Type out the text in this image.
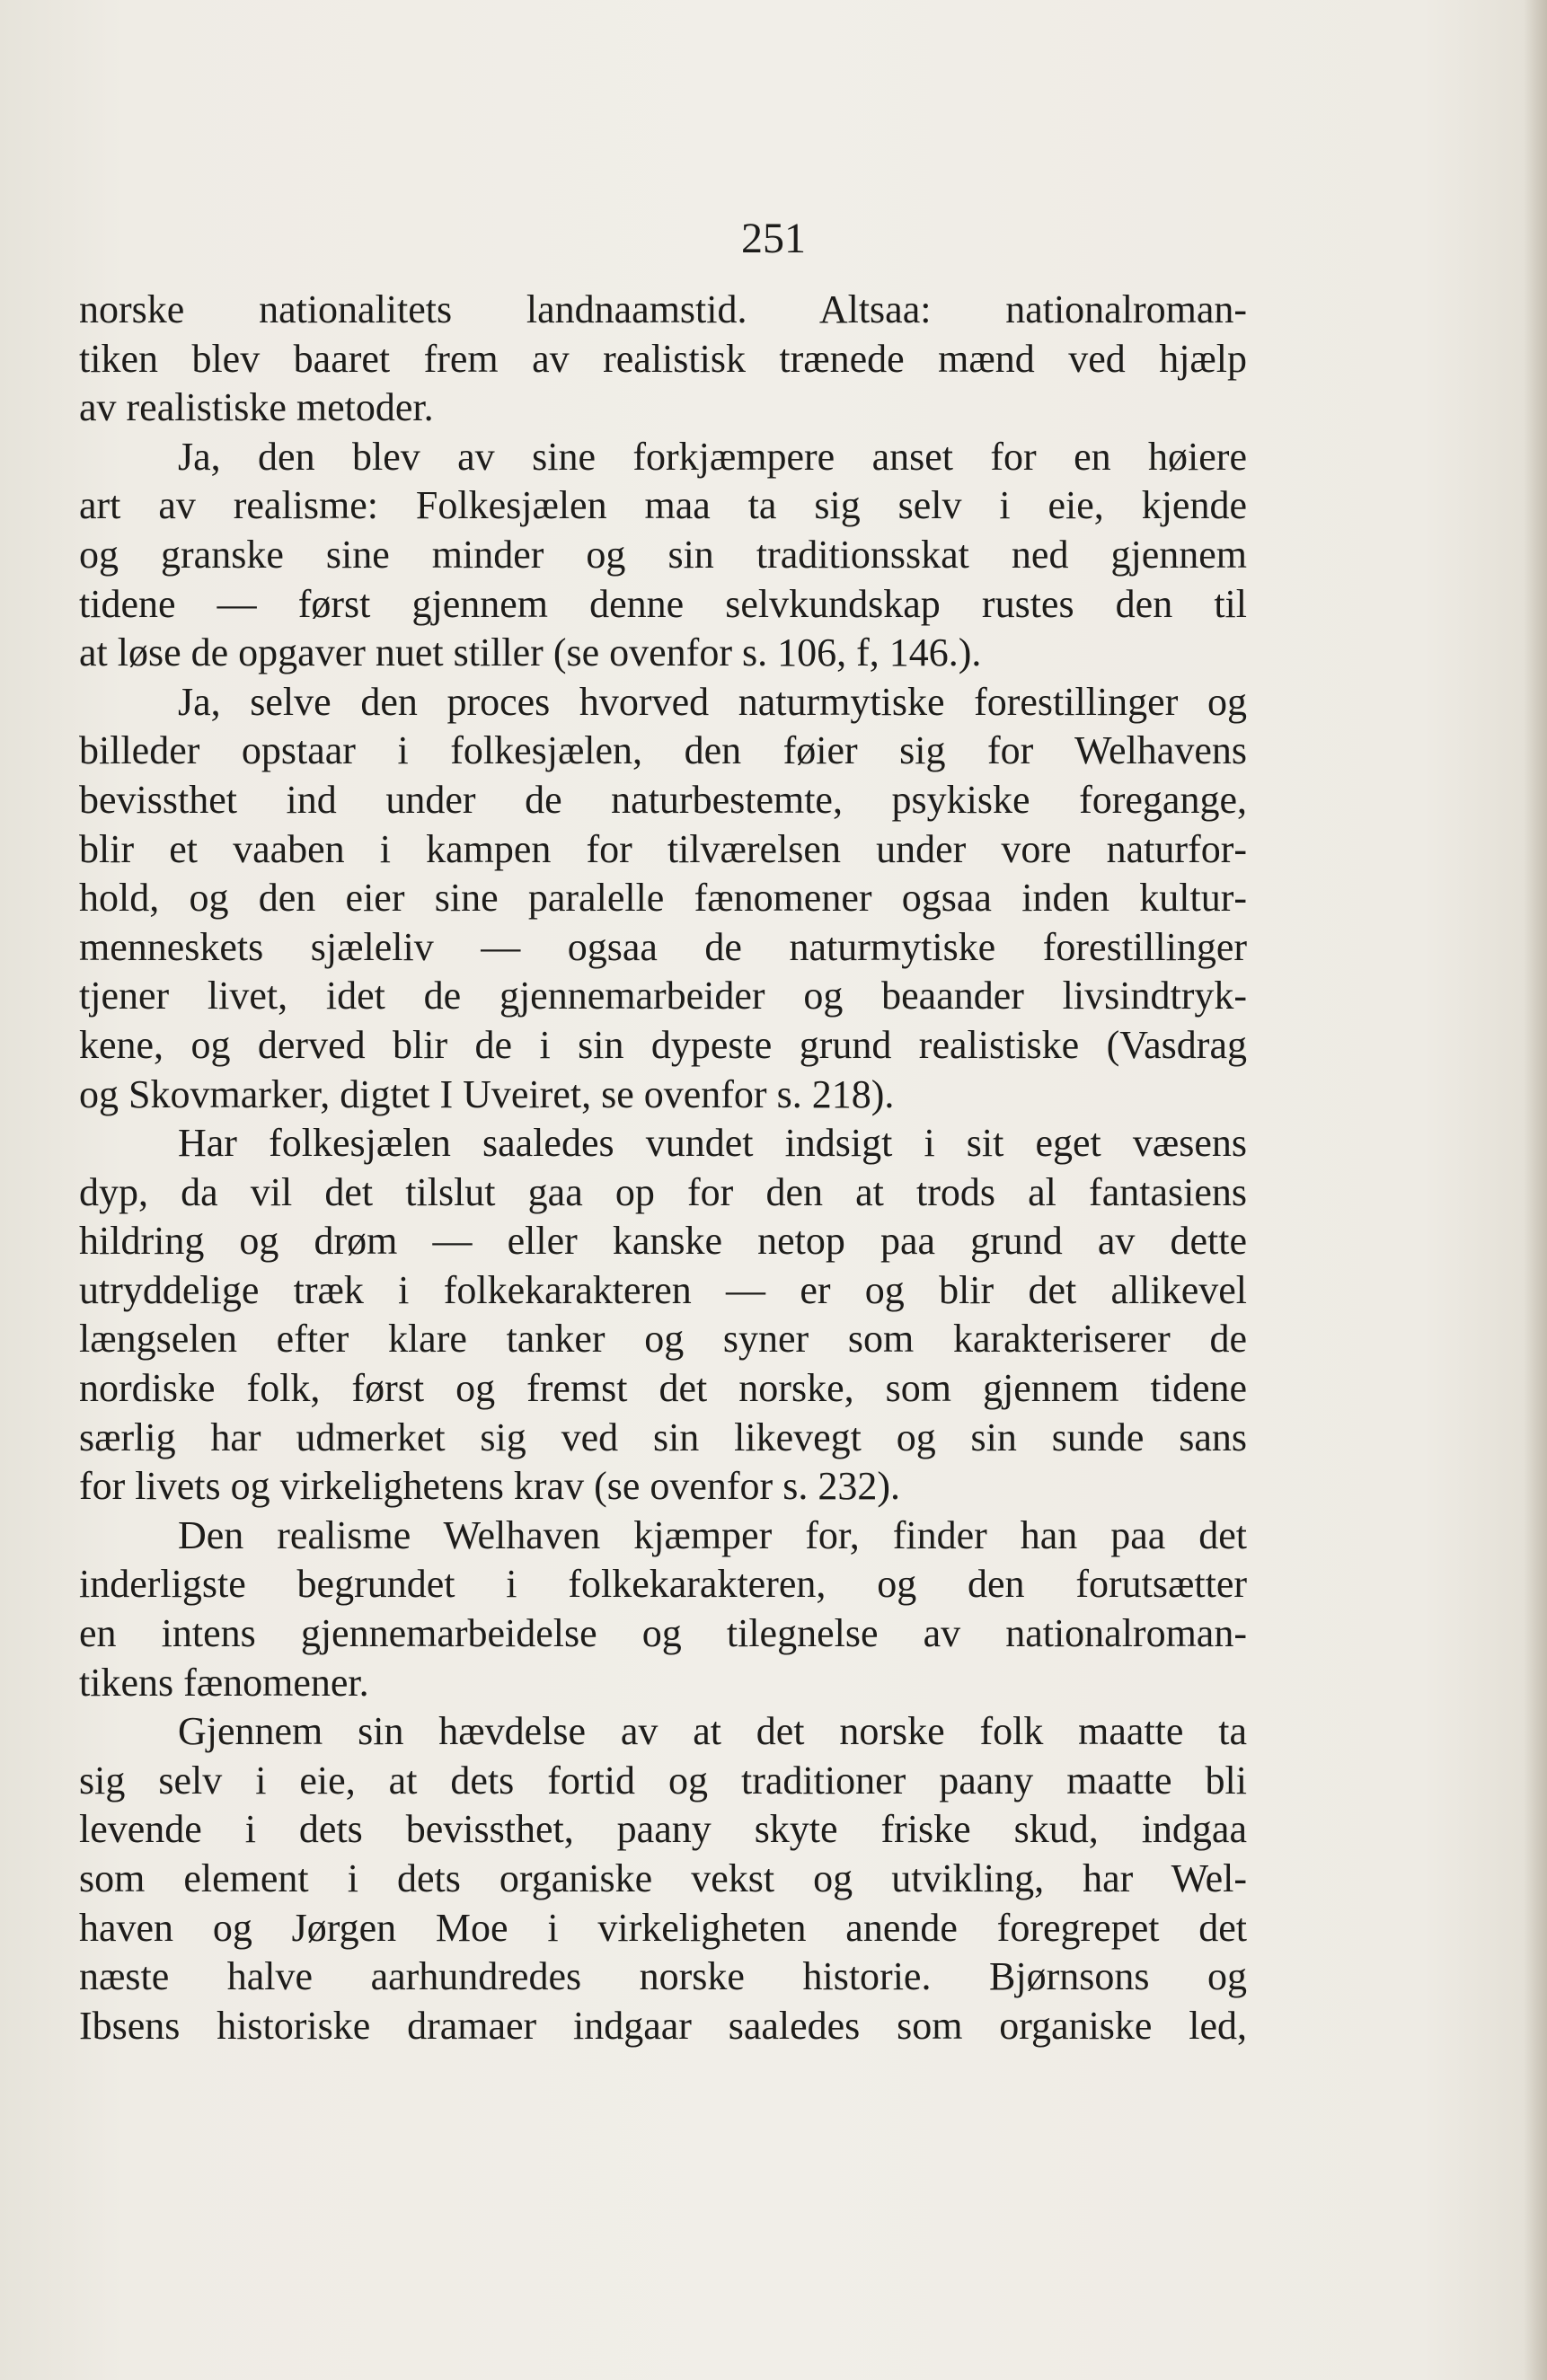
251
norske nationalitets landnaamstid. Altsaa: nationalroman‑
tiken blev baaret frem av realistisk trænede mænd ved hjælp
av realistiske metoder.
Ja, den blev av sine forkjæmpere anset for en høiere
art av realisme: Folkesjælen maa ta sig selv i eie, kjende
og granske sine minder og sin traditionsskat ned gjennem
tidene — først gjennem denne selvkundskap rustes den til
at løse de opgaver nuet stiller (se ovenfor s. 106, f, 146.).
Ja, selve den proces hvorved naturmytiske forestillinger og
billeder opstaar i folkesjælen, den føier sig for Welhavens
bevissthet ind under de naturbestemte, psykiske foregange,
blir et vaaben i kampen for tilværelsen under vore naturfor‑
hold, og den eier sine paralelle fænomener ogsaa inden kultur‑
menneskets sjæleliv — ogsaa de naturmytiske forestillinger
tjener livet, idet de gjennemarbeider og beaander livsindtryk‑
kene, og derved blir de i sin dypeste grund realistiske (Vasdrag
og Skovmarker, digtet I Uveiret, se ovenfor s. 218).
Har folkesjælen saaledes vundet indsigt i sit eget væsens
dyp, da vil det tilslut gaa op for den at trods al fantasiens
hildring og drøm — eller kanske netop paa grund av dette
utryddelige træk i folkekarakteren — er og blir det allikevel
længselen efter klare tanker og syner som karakteriserer de
nordiske folk, først og fremst det norske, som gjennem tidene
særlig har udmerket sig ved sin likevegt og sin sunde sans
for livets og virkelighetens krav (se ovenfor s. 232).
Den realisme Welhaven kjæmper for, finder han paa det
inderligste begrundet i folkekarakteren, og den forutsætter
en intens gjennemarbeidelse og tilegnelse av nationalroman‑
tikens fænomener.
Gjennem sin hævdelse av at det norske folk maatte ta
sig selv i eie, at dets fortid og traditioner paany maatte bli
levende i dets bevissthet, paany skyte friske skud, indgaa
som element i dets organiske vekst og utvikling, har Wel‑
haven og Jørgen Moe i virkeligheten anende foregrepet det
næste halve aarhundredes norske historie. Bjørnsons og
Ibsens historiske dramaer indgaar saaledes som organiske led,
